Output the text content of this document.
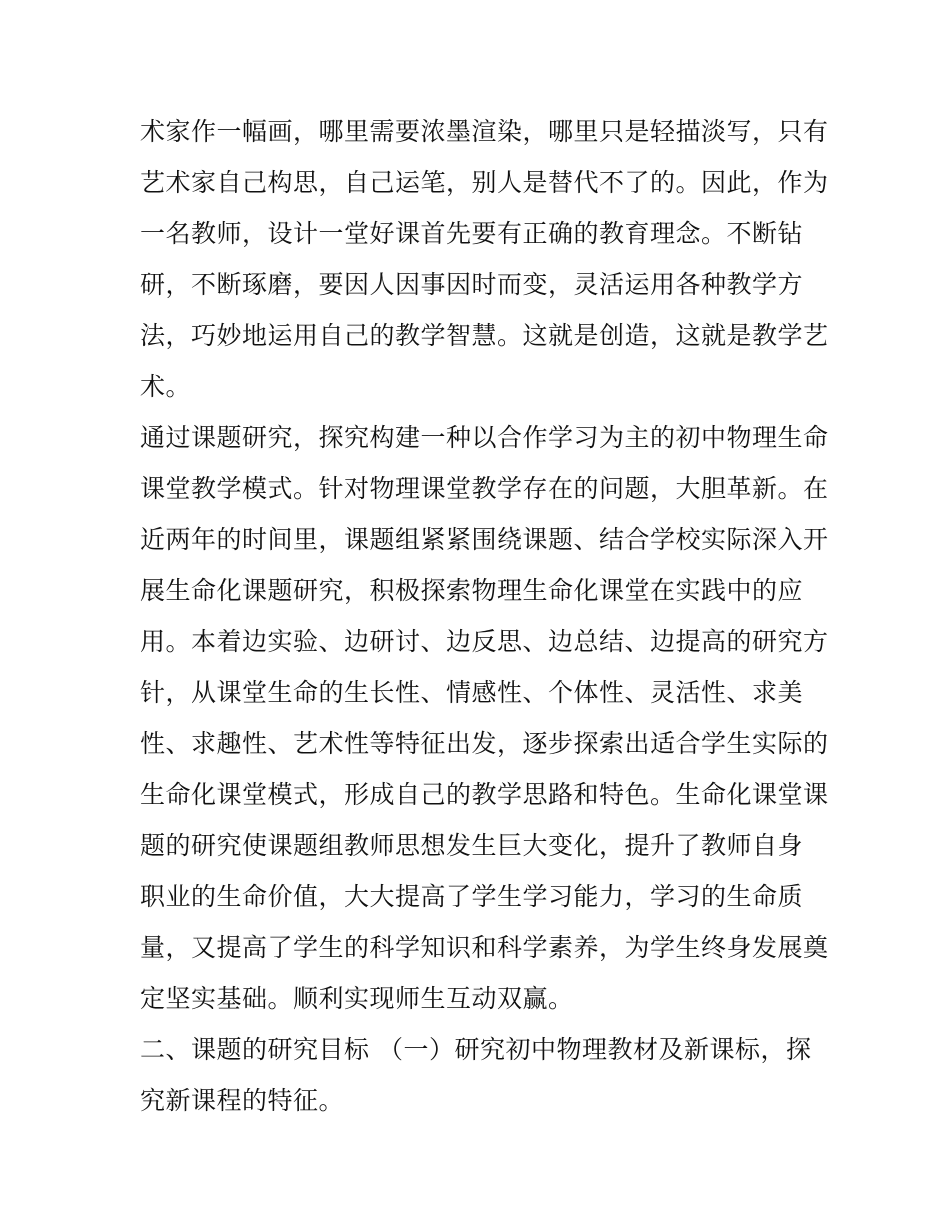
术家作一幅画，哪里需要浓墨渲染，哪里只是轻描淡写，只有
艺术家自己构思，自己运笔，别人是替代不了的。因此，作为
一名教师，设计一堂好课首先要有正确的教育理念。不断钻
研，不断琢磨，要因人因事因时而变，灵活运用各种教学方
法，巧妙地运用自己的教学智慧。这就是创造，这就是教学艺
术。
通过课题研究，探究构建一种以合作学习为主的初中物理生命
课堂教学模式。针对物理课堂教学存在的问题，大胆革新。在
近两年的时间里，课题组紧紧围绕课题、结合学校实际深入开
展生命化课题研究，积极探索物理生命化课堂在实践中的应
用。本着边实验、边研讨、边反思、边总结、边提高的研究方
针，从课堂生命的生长性、情感性、个体性、灵活性、求美
性、求趣性、艺术性等特征出发，逐步探索出适合学生实际的
生命化课堂模式，形成自己的教学思路和特色。生命化课堂课
题的研究使课题组教师思想发生巨大变化，提升了教师自身
职业的生命价值，大大提高了学生学习能力，学习的生命质
量，又提高了学生的科学知识和科学素养，为学生终身发展奠
定坚实基础。顺利实现师生互动双赢。
二、课题的研究目标 （一）研究初中物理教材及新课标，探
究新课程的特征。
